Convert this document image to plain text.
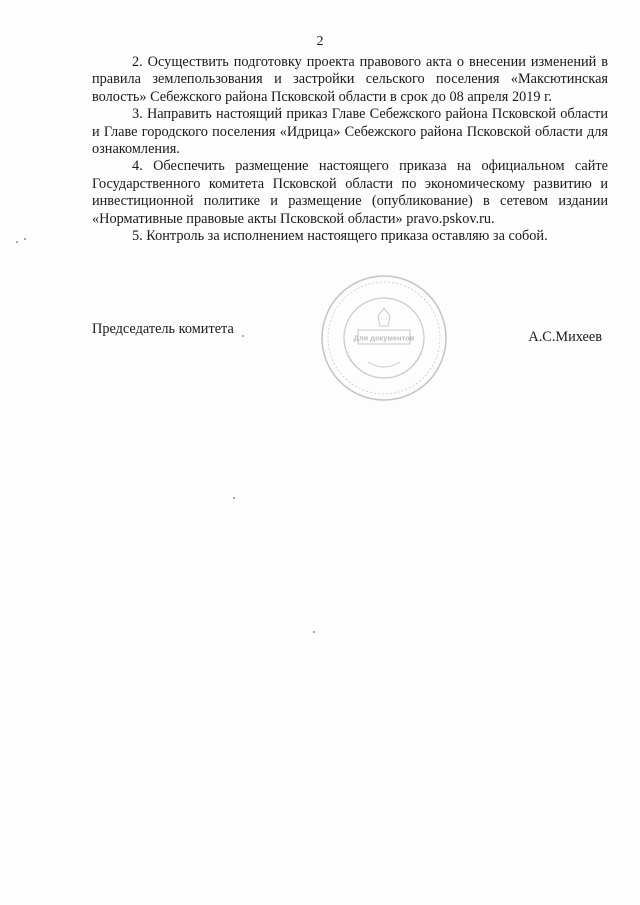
2

2. Осуществить подготовку проекта правового акта о внесении изменений в правила землепользования и застройки сельского поселения «Максютинская волость» Себежского района Псковской области в срок до 08 апреля 2019 г.

3. Направить настоящий приказ Главе Себежского района Псковской области и Главе городского поселения «Идрица» Себежского района Псковской области для ознакомления.

4. Обеспечить размещение настоящего приказа на официальном сайте Государственного комитета Псковской области по экономическому развитию и инвестиционной политике и размещение (опубликование) в сетевом издании «Нормативные правовые акты Псковской области» pravo.pskov.ru.

5. Контроль за исполнением настоящего приказа оставляю за собой.

Для документов
Председатель комитета	А.С.Михеев
